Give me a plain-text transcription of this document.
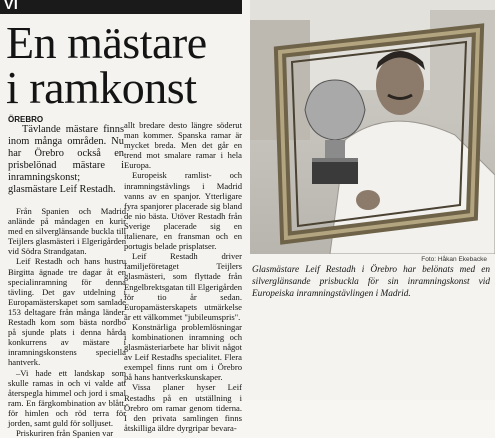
VI
En mästare
i ramkonst
ÖREBRO

Tävlande mästare finns inom många områden. Nu har Örebro också en prisbelönad mästare i inramningskonst; glasmästare Leif Restadh.

Från Spanien och Madrid anlände på måndagen en kurir med en silverglänsande buckla till Teijlers glasmästeri i Elgerigården vid Södra Strandgatan.

Leif Restadh och hans hustru Birgitta ägnade tre dagar åt en specialinramning för denna tävling. Det gav utdelning i Europamästerskapet som samlade 153 deltagare från många länder. Restadh kom som bästa nordbo på sjunde plats i denna hårda konkurrens av mästare i inramningskonstens speciella hantverk.

–Vi hade ett landskap som skulle ramas in och vi valde att återspegla himmel och jord i smal ram. En färgkombination av blått, för himlen och röd terra för jorden, samt guld för solljuset.

Priskuriren från Spanien var

allt bredare desto längre söderut man kommer. Spanska ramar är mycket breda. Men det går en trend mot smalare ramar i hela Europa.

Europeisk ramlist- och inramningstävlings i Madrid vanns av en spanjor. Ytterligare fyra spanjorer placerade sig bland de nio bästa. Utöver Restadh från Sverige placerade sig en italienare, en fransman och en portugis belade prisplatser.

Leif Restadh driver familjeföretaget Teijlers glasmästeri, som flyttade från Engelbrektsgatan till Elgerigården för tio år sedan. Europamästerskapets utmärkelse är ett välkommet "jubileumspris".

Konstnärliga problemlösningar i kombinationen inramning och glasmästeriarbete har blivit något av Leif Restadhs specialitet. Flera exempel finns runt om i Örebro på hans hantverkskunskaper.

Vissa planer hyser Leif Restadhs på en utställning i Örebro om ramar genom tiderna. I den privata samlingen finns åtskilliga äldre dyrgripar bevara-

Foto: Håkan Ekebacke

Glasmästare Leif Restadh i Örebro har belönats med en silverglänsande prisbuckla för sin inramningskonst vid Europeiska inramningstävlingen i Madrid.
